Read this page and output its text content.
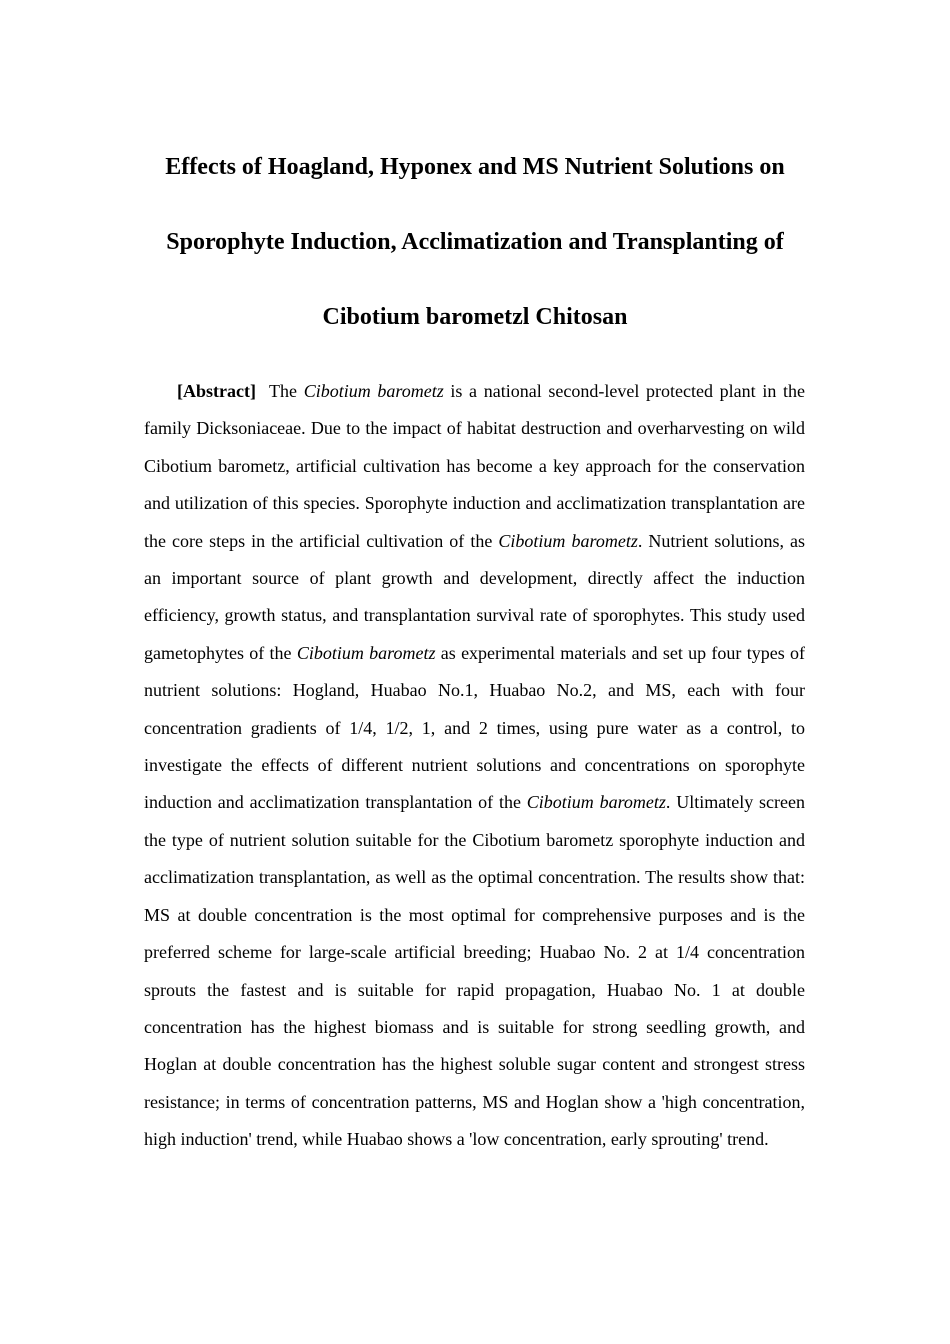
Effects of Hoagland, Hyponex and MS Nutrient Solutions on
Sporophyte Induction, Acclimatization and Transplanting of
Cibotium barometzl Chitosan

[Abstract] The Cibotium barometz is a national second-level protected plant in the family Dicksoniaceae. Due to the impact of habitat destruction and overharvesting on wild Cibotium barometz, artificial cultivation has become a key approach for the conservation and utilization of this species. Sporophyte induction and acclimatization transplantation are the core steps in the artificial cultivation of the Cibotium barometz. Nutrient solutions, as an important source of plant growth and development, directly affect the induction efficiency, growth status, and transplantation survival rate of sporophytes. This study used gametophytes of the Cibotium barometz as experimental materials and set up four types of nutrient solutions: Hogland, Huabao No.1, Huabao No.2, and MS, each with four concentration gradients of 1/4, 1/2, 1, and 2 times, using pure water as a control, to investigate the effects of different nutrient solutions and concentrations on sporophyte induction and acclimatization transplantation of the Cibotium barometz. Ultimately screen the type of nutrient solution suitable for the Cibotium barometz sporophyte induction and acclimatization transplantation, as well as the optimal concentration. The results show that: MS at double concentration is the most optimal for comprehensive purposes and is the preferred scheme for large-scale artificial breeding; Huabao No. 2 at 1/4 concentration sprouts the fastest and is suitable for rapid propagation, Huabao No. 1 at double concentration has the highest biomass and is suitable for strong seedling growth, and Hoglan at double concentration has the highest soluble sugar content and strongest stress resistance; in terms of concentration patterns, MS and Hoglan show a 'high concentration, high induction' trend, while Huabao shows a 'low concentration, early sprouting' trend.
